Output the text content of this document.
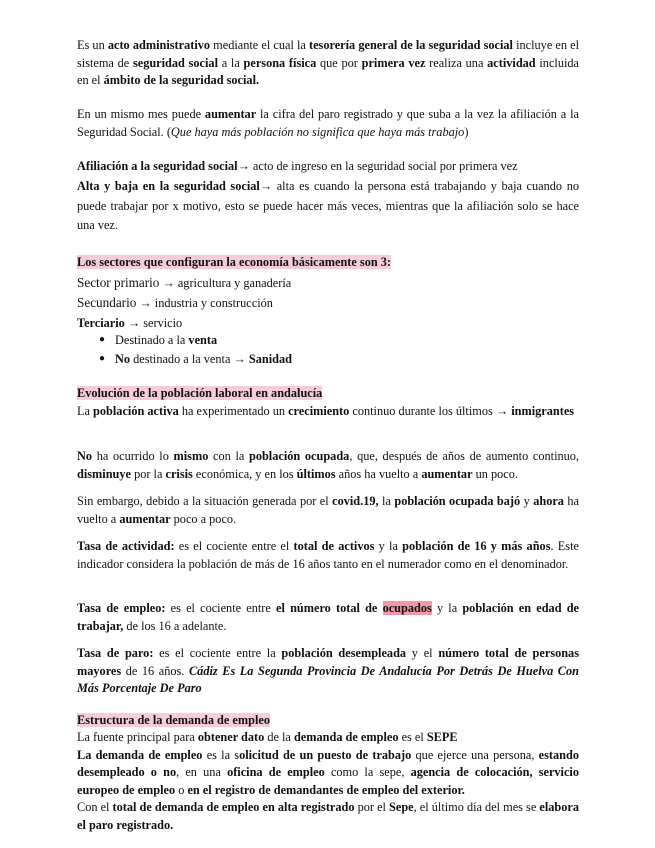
Es un acto administrativo mediante el cual la tesorería general de la seguridad social incluye en el sistema de seguridad social a la persona física que por primera vez realiza una actividad incluida en el ámbito de la seguridad social.

En un mismo mes puede aumentar la cifra del paro registrado y que suba a la vez la afiliación a la Seguridad Social. (Que haya más población no significa que haya más trabajo)

Afiliación a la seguridad social→ acto de ingreso en la seguridad social por primera vez
Alta y baja en la seguridad social→ alta es cuando la persona está trabajando y baja cuando no puede trabajar por x motivo, esto se puede hacer más veces, mientras que la afiliación solo se hace una vez.
Los sectores que configuran la economía básicamente son 3:
Sector primario → agricultura y ganadería
Secundario → industria y construcción
Terciario → servicio
● Destinado a la venta
● No destinado a la venta → Sanidad
Evolución de la población laboral en andalucía

La población activa ha experimentado un crecimiento continuo durante los últimos → inmigrantes

No ha ocurrido lo mismo con la población ocupada, que, después de años de aumento continuo, disminuye por la crisis económica, y en los últimos años ha vuelto a aumentar un poco.

Sin embargo, debido a la situación generada por el covid.19, la población ocupada bajó y ahora ha vuelto a aumentar poco a poco.

Tasa de actividad: es el cociente entre el total de activos y la población de 16 y más años. Este indicador considera la población de más de 16 años tanto en el numerador como en el denominador.

Tasa de empleo: es el cociente entre el número total de ocupados y la población en edad de trabajar, de los 16 a adelante.

Tasa de paro: es el cociente entre la población desempleada y el número total de personas mayores de 16 años. Cádiz Es La Segunda Provincia De Andalucía Por Detrás De Huelva Con Más Porcentaje De Paro

Estructura de la demanda de empleo
La fuente principal para obtener dato de la demanda de empleo es el SEPE
La demanda de empleo es la solicitud de un puesto de trabajo que ejerce una persona, estando desempleado o no, en una oficina de empleo como la sepe, agencia de colocación, servicio europeo de empleo o en el registro de demandantes de empleo del exterior.
Con el total de demanda de empleo en alta registrado por el Sepe, el último día del mes se elabora el paro registrado.
